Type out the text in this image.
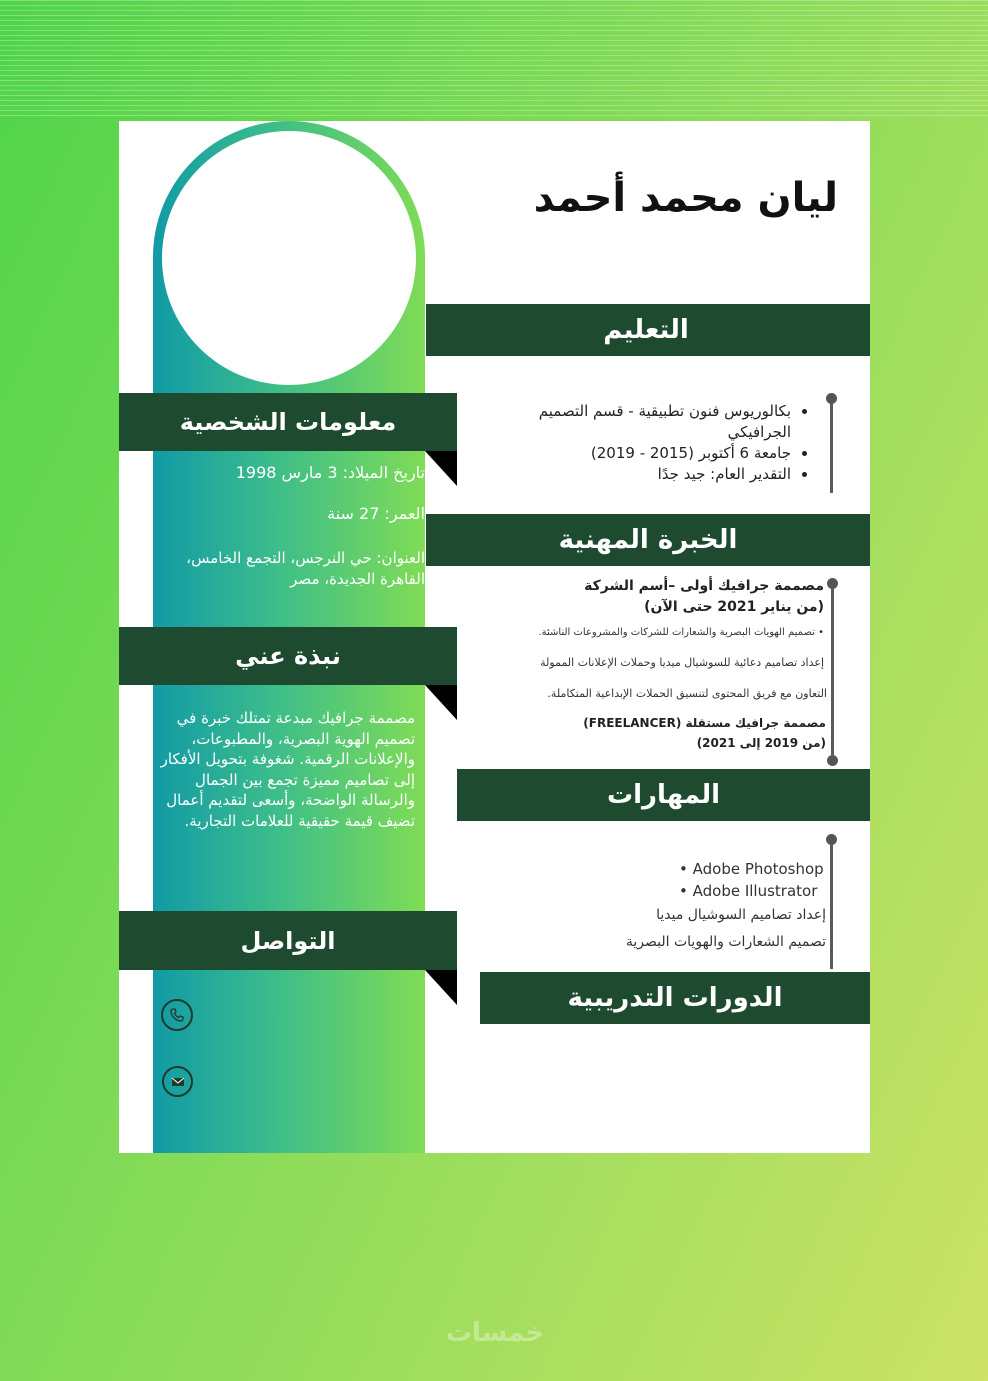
ليان محمد أحمد
التعليم
• بكالوريوس فنون تطبيقية - قسم التصميم الجرافيكي
• جامعة 6 أكتوبر (2015 - 2019)
• التقدير العام: جيد جدًا
معلومات الشخصية
الخبرة المهنية
تاريخ الميلاد: 3 مارس 1998
العمر: 27 سنة
العنوان: حي النرجس، التجمع الخامس،
القاهرة الجديدة، مصر	مصممة جرافيك أولى –أسم الشركة
(من يناير 2021 حتى الآن)
• تصميم الهويات البصرية والشعارات للشركات والمشروعات الناشئة.
إعداد تصاميم دعائية للسوشيال ميديا وحملات الإعلانات الممولة
التعاون مع فريق المحتوى لتنسيق الحملات الإبداعية المتكاملة.
مصممة جرافيك مستقلة (FREELANCER)
(من 2019 إلى 2021)
نبذة عني
مصممة جرافيك مبدعة تمتلك خبرة في تصميم الهوية البصرية، والمطبوعات، والإعلانات الرقمية. شغوفة بتحويل الأفكار إلى تصاميم مميزة تجمع بين الجمال والرسالة الواضحة، وأسعى لتقديم أعمال تضيف قيمة حقيقية للعلامات التجارية.
المهارات
• Adobe Photoshop
• Adobe Illustrator
إعداد تصاميم السوشيال ميديا
تصميم الشعارات والهويات البصرية
التواصل
الدورات التدريبية
خمسات
